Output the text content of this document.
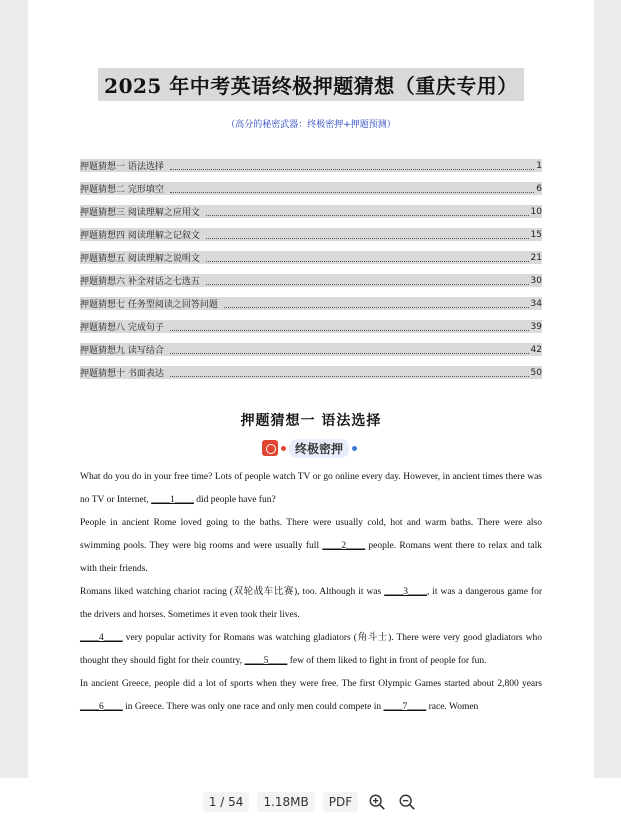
2025 年中考英语终极押题猜想（重庆专用）
（高分的秘密武器：终极密押+押题预测）
押题猜想一 语法选择	1
押题猜想二 完形填空	6
押题猜想三 阅读理解之应用文	10
押题猜想四 阅读理解之记叙文	15
押题猜想五 阅读理解之说明文	21
押题猜想六 补全对话之七选五	30
押题猜想七 任务型阅读之回答问题	34
押题猜想八 完成句子	39
押题猜想九 读写结合	42
押题猜想十 书面表达	50
押题猜想一 语法选择
终极密押

What do you do in your free time? Lots of people watch TV or go online every day. However, in ancient times there was no TV or Internet, ____1____ did people have fun?

People in ancient Rome loved going to the baths. There were usually cold, hot and warm baths. There were also swimming pools. They were big rooms and were usually full ____2____ people. Romans went there to relax and talk with their friends.

Romans liked watching chariot racing (双轮战车比赛), too. Although it was ____3____, it was a dangerous game for the drivers and horses. Sometimes it even took their lives.

____4____ very popular activity for Romans was watching gladiators (角斗士). There were very good gladiators who thought they should fight for their country, ____5____ few of them liked to fight in front of people for fun.

In ancient Greece, people did a lot of sports when they were free. The first Olympic Games started about 2,800 years ____6____ in Greece. There was only one race and only men could compete in ____7____ race. Women

1 / 54	1.18MB	PDF
